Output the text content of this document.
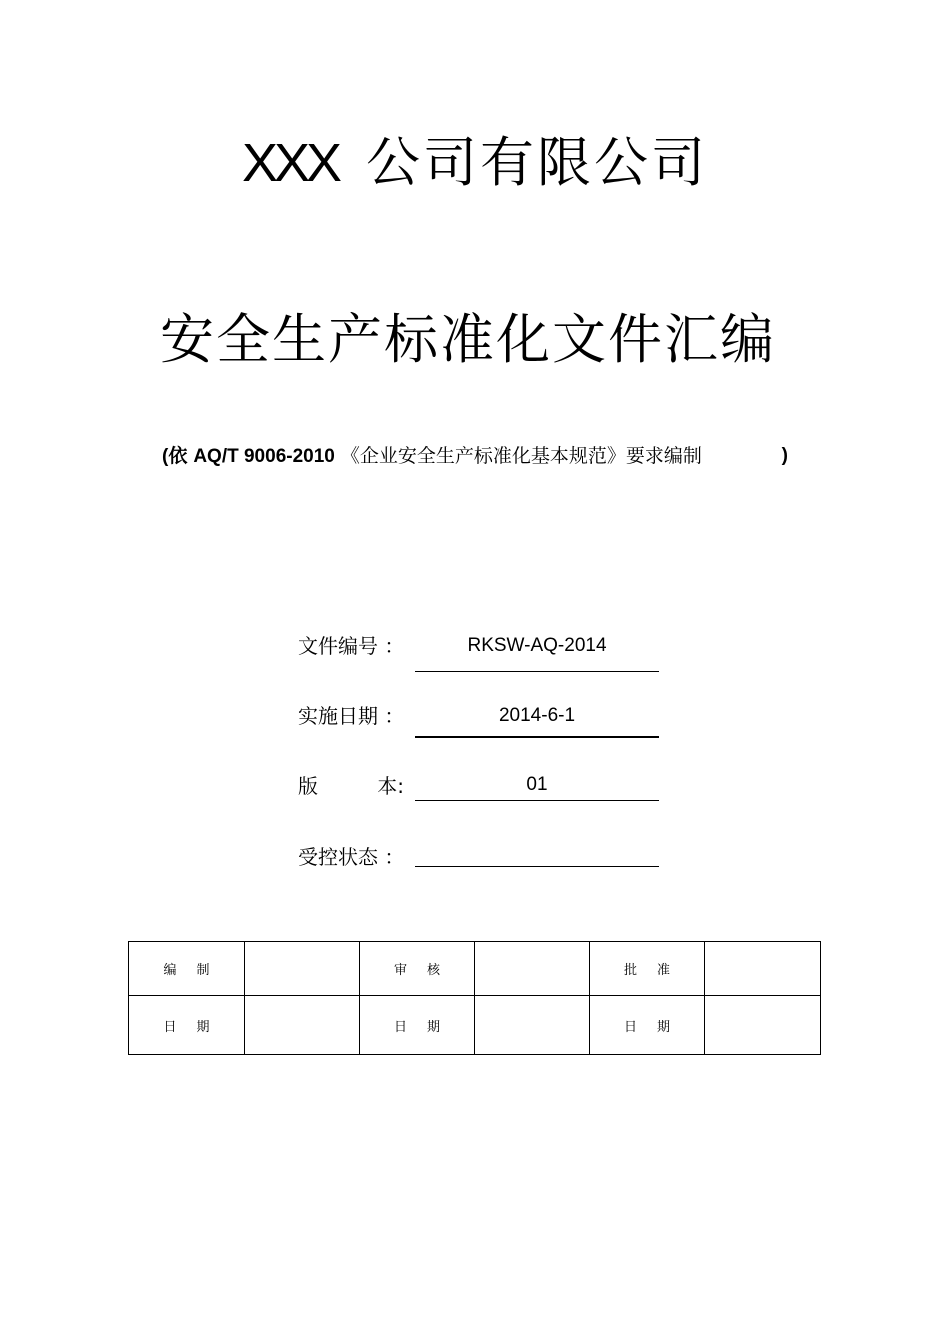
XXX 公司有限公司
安全生产标准化文件汇编
(依 AQ/T 9006-2010 《企业安全生产标准化基本规范》要求编制	)
文件编号 ：	RKSW-AQ-2014
实施日期 ：	2014-6-1
版	本:	01
受控状态 ：
编制		审核		批准	
日期		日期		日期	
